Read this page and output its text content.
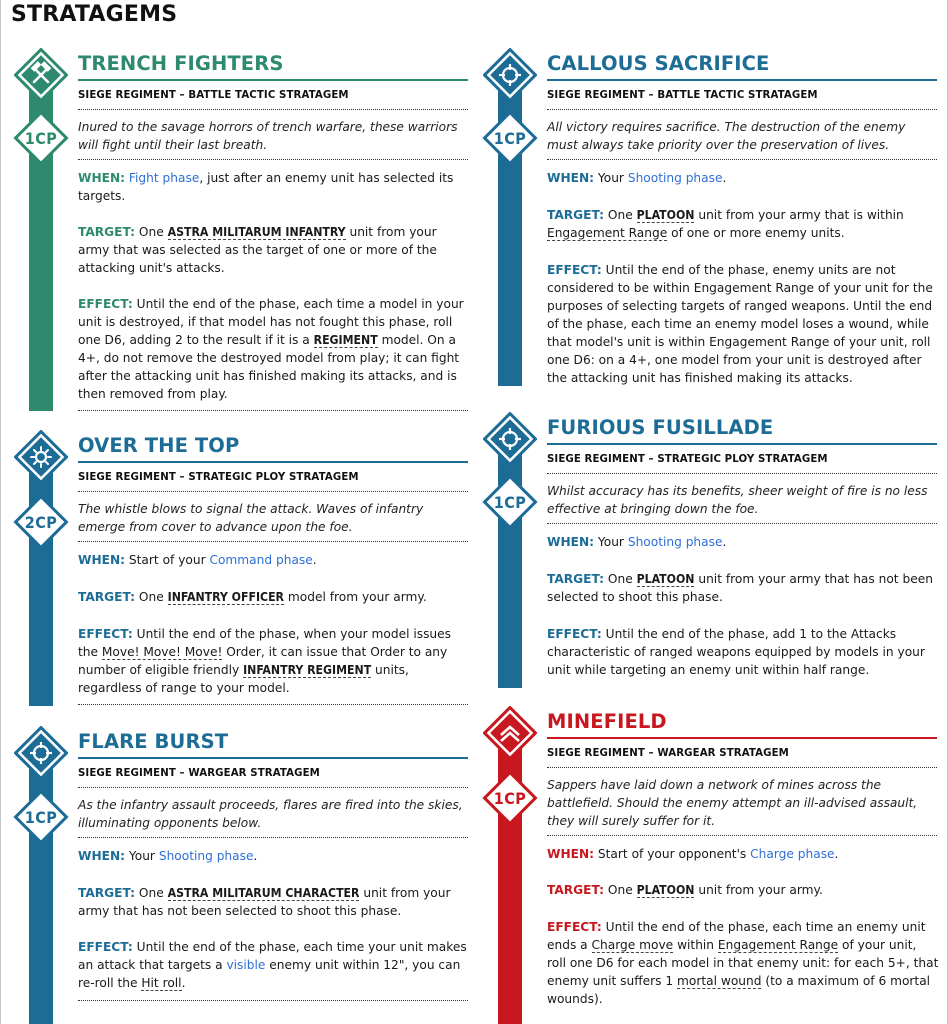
STRATAGEMS
TRENCH FIGHTERS
SIEGE REGIMENT – BATTLE TACTIC STRATAGEM
1CP
Inured to the savage horrors of trench warfare, these warriors will fight until their last breath.
WHEN: Fight phase, just after an enemy unit has selected its targets.
TARGET: One ASTRA MILITARUM INFANTRY unit from your army that was selected as the target of one or more of the attacking unit's attacks.
EFFECT: Until the end of the phase, each time a model in your unit is destroyed, if that model has not fought this phase, roll one D6, adding 2 to the result if it is a REGIMENT model. On a 4+, do not remove the destroyed model from play; it can fight after the attacking unit has finished making its attacks, and is then removed from play.
OVER THE TOP
SIEGE REGIMENT – STRATEGIC PLOY STRATAGEM
2CP
The whistle blows to signal the attack. Waves of infantry emerge from cover to advance upon the foe.
WHEN: Start of your Command phase.
TARGET: One INFANTRY OFFICER model from your army.
EFFECT: Until the end of the phase, when your model issues the Move! Move! Move! Order, it can issue that Order to any number of eligible friendly INFANTRY REGIMENT units, regardless of range to your model.
FLARE BURST
SIEGE REGIMENT – WARGEAR STRATAGEM
1CP
As the infantry assault proceeds, flares are fired into the skies, illuminating opponents below.
WHEN: Your Shooting phase.
TARGET: One ASTRA MILITARUM CHARACTER unit from your army that has not been selected to shoot this phase.
EFFECT: Until the end of the phase, each time your unit makes an attack that targets a visible enemy unit within 12", you can re-roll the Hit roll.
CALLOUS SACRIFICE
SIEGE REGIMENT – BATTLE TACTIC STRATAGEM
1CP
All victory requires sacrifice. The destruction of the enemy must always take priority over the preservation of lives.
WHEN: Your Shooting phase.
TARGET: One PLATOON unit from your army that is within Engagement Range of one or more enemy units.
EFFECT: Until the end of the phase, enemy units are not considered to be within Engagement Range of your unit for the purposes of selecting targets of ranged weapons. Until the end of the phase, each time an enemy model loses a wound, while that model's unit is within Engagement Range of your unit, roll one D6: on a 4+, one model from your unit is destroyed after the attacking unit has finished making its attacks.
FURIOUS FUSILLADE
SIEGE REGIMENT – STRATEGIC PLOY STRATAGEM
1CP
Whilst accuracy has its benefits, sheer weight of fire is no less effective at bringing down the foe.
WHEN: Your Shooting phase.
TARGET: One PLATOON unit from your army that has not been selected to shoot this phase.
EFFECT: Until the end of the phase, add 1 to the Attacks characteristic of ranged weapons equipped by models in your unit while targeting an enemy unit within half range.
MINEFIELD
SIEGE REGIMENT – WARGEAR STRATAGEM
1CP
Sappers have laid down a network of mines across the battlefield. Should the enemy attempt an ill-advised assault, they will surely suffer for it.
WHEN: Start of your opponent's Charge phase.
TARGET: One PLATOON unit from your army.
EFFECT: Until the end of the phase, each time an enemy unit ends a Charge move within Engagement Range of your unit, roll one D6 for each model in that enemy unit: for each 5+, that enemy unit suffers 1 mortal wound (to a maximum of 6 mortal wounds).
